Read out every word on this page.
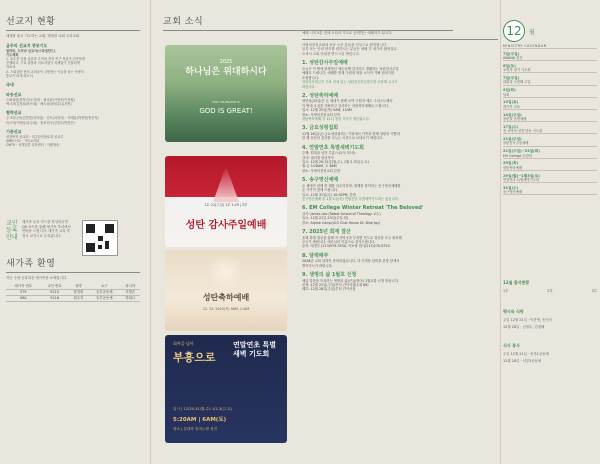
선교지 현황
세계를 품고 기도하는 교회, 행복한 교회 우리교회
금주의 선교지 중보기도
권러비, 오자마 선교사(스와질란드)
기도제목
1. 올수준 인원 실증과 수여과 지역 목구 작업이 신속하게
진행되고, 구호 물품과 의료지원이 지체없이 전달되게
하소서.
2. 스와질란 현지 교회들이 고통받는 이들을 돌는 사랑의
통로가 되게 하소서.
국내
파송선교
스와질란(정하진/오자마) · 필리핀(이영조/이정원)
멕시코(김상희/조은희) · 베트남(최성수/유지연)
협력선교
우크라니아(김한빛/강미란) · 인도(서대식) · 카메룬(박경현/정은지)
러시아(이태상/옥주희) · 캄보디아(김현수/박경은)
기관선교
성경번역 선교회 · 미주한인장로회 선교부
GMN 선교 · 기독교서회
CMTV · 성경말씀 유학센터 · 이레방송
교인 등록 안내
새가족 등록 카드를 작성하시면
QR 코드를 통해 새가족 부서에서
연락을 드립니다. 새가족 교육 후
정식 교인으로 등록됩니다.
새가족 환영
지난 주에 등록하신 새가족을 소개합니다.
새가족 번호	교인 번호	성명	교구	파니야
079	9115	장영원	동부공동체	조명순
080	9116	원수지	동부공동체	하희나
교회 소식
2025
하나님은 위대하시다
MAY HIS PRAISE IS
GOD IS GREAT!
12. 21(주일) 1부 1:29 | 3부
성탄 감사주일예배
성탄축하예배
12. 25. 2025(목) 9AM, 11AM
회복을 넘어
부흥으로
연말연초 특별 새벽 기도회
일시 | 12/29-31(월-수) 1/2-3(금-토)
5:20AM | 6AM(토)
장소 | 본대학 임마누엘 성전
예배 시작 5분 전에 오셔서 기도로 준비하는 예배자가 됩시다.
사랑의찬성교회에 처음 오신 분들을 진심으로 환영합니다.
등록 또는 안내 받기를 원하시는 분들은 예배 후 새가족 환영실로
오셔서 교회 안내를 받으시길 바랍니다.
1. 성탄감사주일예배
오늘은 이 땅에 탄생하신 예수님께 감사하고 경배하는 성탄감사주일
예배로 드립니다. 예배를 통해 구원의 복된 소식이 기뻐 넘치기를
소원합니다.
성탄감사헌금은 주보 안에 있는 성탄감사헌금봉투를 사용해 주시기
바랍니다.
2. 성탄축하예배
성탄절(25일)은 온 세대가 함께 모여 구원자 예수 그리스도께서
이 땅에 오심을 기뻐하고 감사하는 성탄축하예배로 드립니다.
일시: 12월 25일(목) 9AM, 11AM
장소: 사랑의찬성교회 본당
성탄축하예배 후 12시 점심 식사가 제공됩니다.
3. 금요성령집회
12월 26일(금) 금요성령집회는 가정에서 가족과 함께 성탄의 기쁨과
한 해 동안의 감사를 나누는 시간으로 보내시기 바랍니다.
4. 연말연초 특별새벽기도회
주제: 회복을 넘어 부흥으로(사 37:5)
강사: 권리형 담임목사
일시: 12월 29-31일(월-수), 1월 2-3일(금-토)
월-금 5:20AM, 토 6AM
장소: 사랑의찬성교회 본당
5. 송구영신예배
온 세대가 함께 한 해를 마무리하며, 새해를 맞이하는 송구영신예배를
온 가족이 함께 드립니다.
일시: 12월 31일(수) 10:50PM, 본당
송구영신예배 후 1월 1일(목) 연합신년 특별새벽기도회는 없습니다.
6. EM College Winter Retreat 'The Beloved'
강사: James Lee (Talbot School of Theology 교수)
일시: 12월 21일-23일(주일-화)
장소: Alpine Camp(415 Club House Dr. Blue Jay)
7. 2025년 회계 결산
올해 회계 결산을 위해 각 사역국과 부서별 진도로 정산을 모두 완료해
주시기 바랍니다. 예수님의 이름으로 감사드립니다.
문의: 재정부 (213)979-3530, 이보형 집사(213)270-5324
8. 달력배부
2026년 교회 달력이 준비되었습니다. 각 가정당 달력을 본당 앞에서
받아가시기 바랍니다.
9. 생명의 삶 1월호 신청
매일 말씀을 묵상하는 생명의 삶(큰글/영어) 1월호를 신청 받습니다.
신청: 12월 21일(주일)까지 간이서점(1권 $8)
배부: 12월 28일(주일)부터 간이서점
12	월
MINISTRY CALENDAR
7일(주일)
AWANA 종강
6일(토)
교역자 정기 기도회
7일(주일)
대림절 두번째 주일
9일(화)
당회
13일(토)
새가족 교육
14일(주일)
성탄절 찬양예배
17일(수)
전 교역자 성경 낭독 기도회
21일(주일)
성탄감사주일예배
21일(주일)~23일(화)
EM College 수련회
25일(목)
성탄축하예배
29일(월)~1월3일(토)
연말연초 특별새벽기도회
31일(수)
송구영신예배
12월 출석현황
1부	2부	3부
행사와 식탁
주일 12월 21일 · 이종명, 송인자
12월 28일 · 김형수, 김정해
식사 봉사
주일 12월 21일 · 동부1공동체
12월 28일 · 서부3공동체
